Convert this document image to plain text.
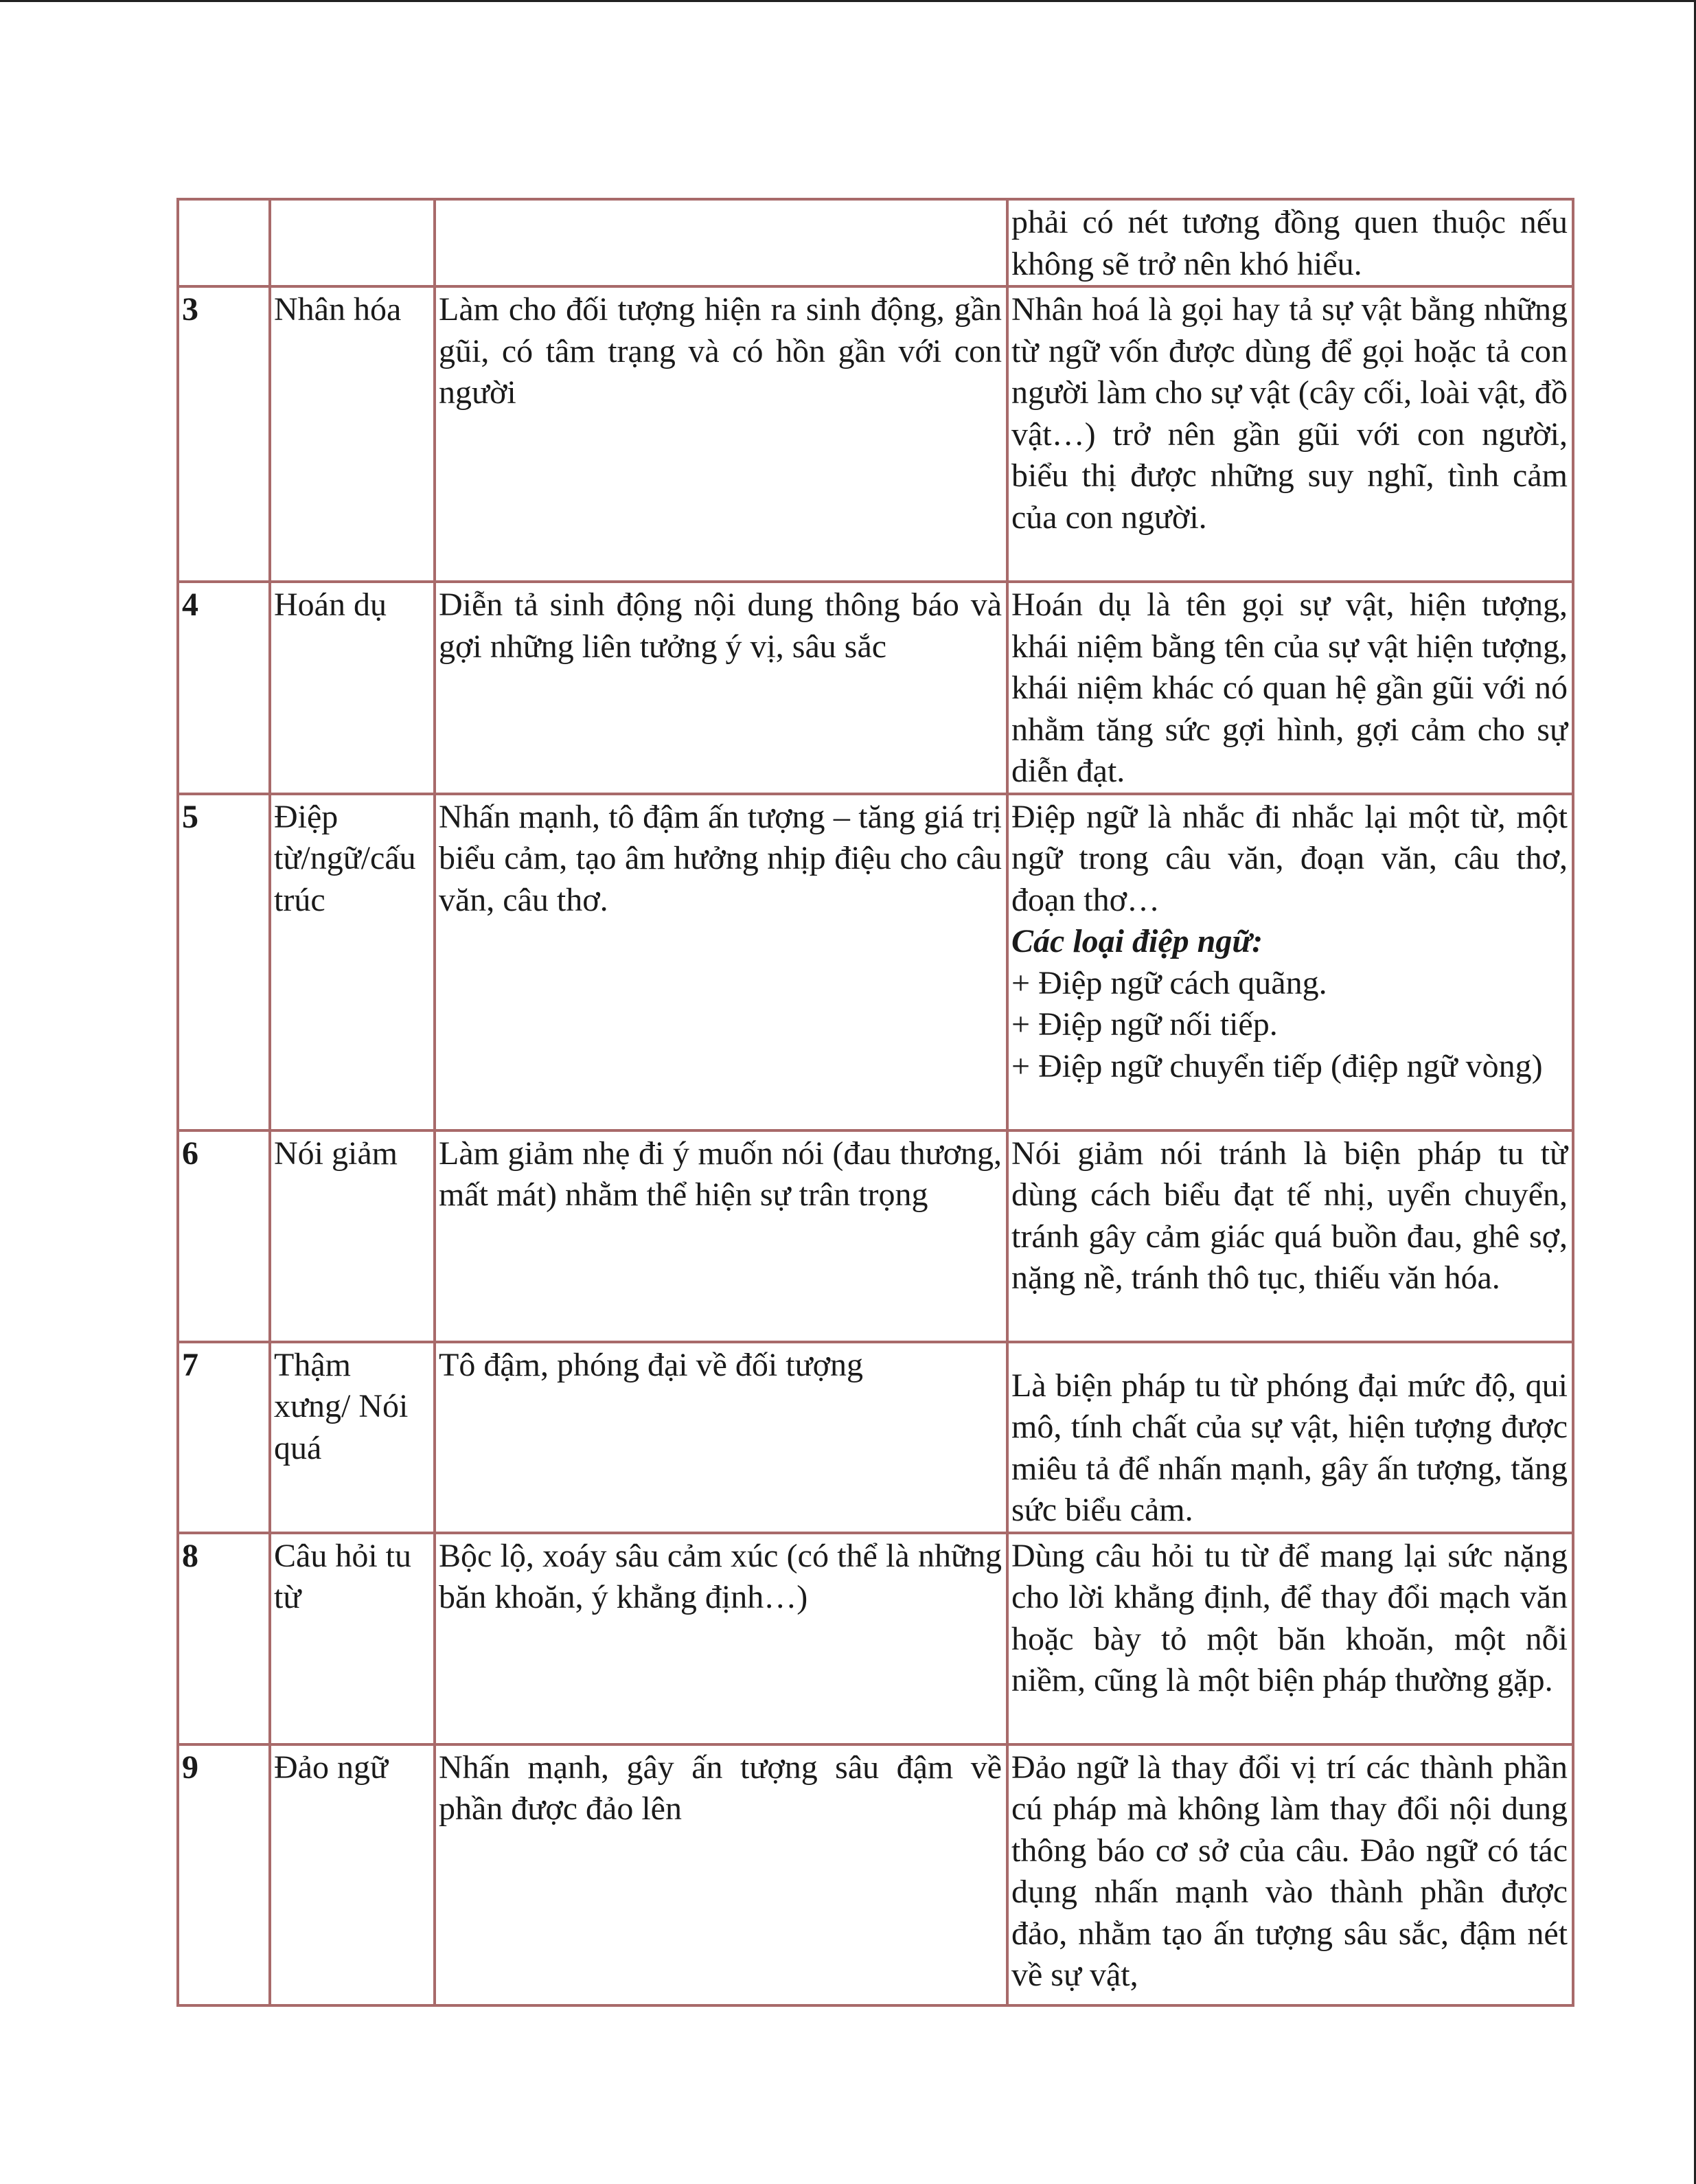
			phải có nét tương đồng quen thuộc nếu không sẽ trở nên khó hiểu.
3	Nhân hóa	Làm cho đối tượng hiện ra sinh động, gần gũi, có tâm trạng và có hồn gần với con người	Nhân hoá là gọi hay tả sự vật bằng những từ ngữ vốn được dùng để gọi hoặc tả con người làm cho sự vật (cây cối, loài vật, đồ vật…) trở nên gần gũi với con người, biểu thị được những suy nghĩ, tình cảm của con người.
4	Hoán dụ	Diễn tả sinh động nội dung thông báo và gợi những liên tưởng ý vị, sâu sắc	Hoán dụ là tên gọi sự vật, hiện tượng, khái niệm bằng tên của sự vật hiện tượng, khái niệm khác có quan hệ gần gũi với nó nhằm tăng sức gợi hình, gợi cảm cho sự diễn đạt.
5	Điệp từ/ngữ/cấu trúc	Nhấn mạnh, tô đậm ấn tượng – tăng giá trị biểu cảm, tạo âm hưởng nhịp điệu cho câu văn, câu thơ.	Điệp ngữ là nhắc đi nhắc lại một từ, một ngữ trong câu văn, đoạn văn, câu thơ, đoạn thơ…
Các loại điệp ngữ:
+ Điệp ngữ cách quãng.
+ Điệp ngữ nối tiếp.
+ Điệp ngữ chuyển tiếp (điệp ngữ vòng)

6	Nói giảm	Làm giảm nhẹ đi ý muốn nói (đau thương, mất mát) nhằm thể hiện sự trân trọng	Nói giảm nói tránh là biện pháp tu từ dùng cách biểu đạt tế nhị, uyển chuyển, tránh gây cảm giác quá buồn đau, ghê sợ, nặng nề, tránh thô tục, thiếu văn hóa.
7	Thậm xưng/ Nói quá	Tô đậm, phóng đại về đối tượng	Là biện pháp tu từ phóng đại mức độ, qui mô, tính chất của sự vật, hiện tượng được miêu tả để nhấn mạnh, gây ấn tượng, tăng sức biểu cảm.

8	Câu hỏi tu từ	Bộc lộ, xoáy sâu cảm xúc (có thể là những băn khoăn, ý khẳng định…)	Dùng câu hỏi tu từ để mang lại sức nặng cho lời khẳng định, để thay đổi mạch văn hoặc bày tỏ một băn khoăn, một nỗi niềm, cũng là một biện pháp thường gặp.
9	Đảo ngữ	Nhấn mạnh, gây ấn tượng sâu đậm về phần được đảo lên	Đảo ngữ là thay đổi vị trí các thành phần cú pháp mà không làm thay đổi nội dung thông báo cơ sở của câu. Đảo ngữ có tác dụng nhấn mạnh vào thành phần được đảo, nhằm tạo ấn tượng sâu sắc, đậm nét về sự vật,
